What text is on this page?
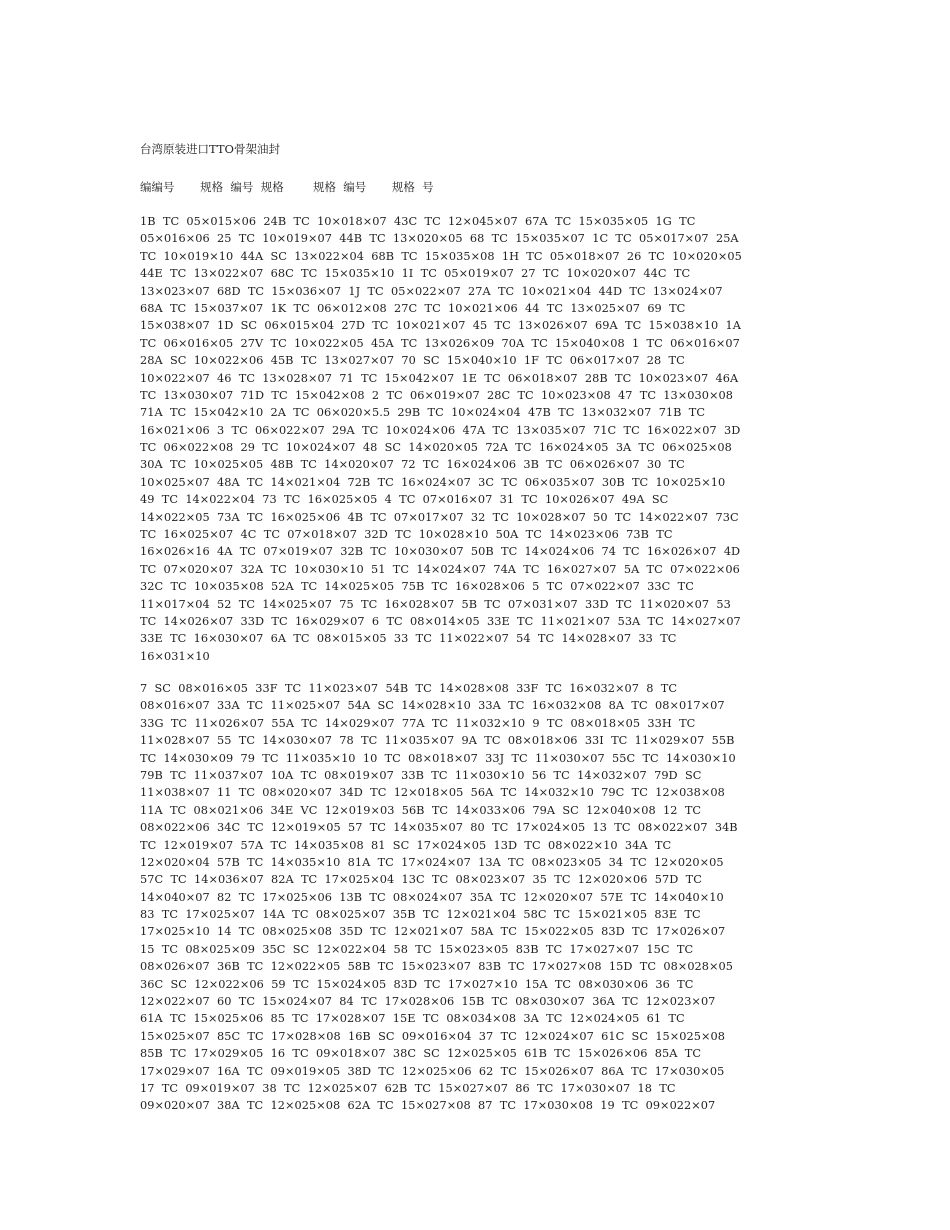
台湾原装进口TTO骨架油封
编编号       规格  编号  规格        规格  编号       规格  号
1B  TC  05×015×06  24B  TC  10×018×07  43C  TC  12×045×07  67A  TC  15×035×05  1G  TC
05×016×06  25  TC  10×019×07  44B  TC  13×020×05  68  TC  15×035×07  1C  TC  05×017×07  25A
TC  10×019×10  44A  SC  13×022×04  68B  TC  15×035×08  1H  TC  05×018×07  26  TC  10×020×05
44E  TC  13×022×07  68C  TC  15×035×10  1I  TC  05×019×07  27  TC  10×020×07  44C  TC
13×023×07  68D  TC  15×036×07  1J  TC  05×022×07  27A  TC  10×021×04  44D  TC  13×024×07
68A  TC  15×037×07  1K  TC  06×012×08  27C  TC  10×021×06  44  TC  13×025×07  69  TC
15×038×07  1D  SC  06×015×04  27D  TC  10×021×07  45  TC  13×026×07  69A  TC  15×038×10  1A
TC  06×016×05  27V  TC  10×022×05  45A  TC  13×026×09  70A  TC  15×040×08  1  TC  06×016×07
28A  SC  10×022×06  45B  TC  13×027×07  70  SC  15×040×10  1F  TC  06×017×07  28  TC
10×022×07  46  TC  13×028×07  71  TC  15×042×07  1E  TC  06×018×07  28B  TC  10×023×07  46A
TC  13×030×07  71D  TC  15×042×08  2  TC  06×019×07  28C  TC  10×023×08  47  TC  13×030×08
71A  TC  15×042×10  2A  TC  06×020×5.5  29B  TC  10×024×04  47B  TC  13×032×07  71B  TC
16×021×06  3  TC  06×022×07  29A  TC  10×024×06  47A  TC  13×035×07  71C  TC  16×022×07  3D
TC  06×022×08  29  TC  10×024×07  48  SC  14×020×05  72A  TC  16×024×05  3A  TC  06×025×08
30A  TC  10×025×05  48B  TC  14×020×07  72  TC  16×024×06  3B  TC  06×026×07  30  TC
10×025×07  48A  TC  14×021×04  72B  TC  16×024×07  3C  TC  06×035×07  30B  TC  10×025×10
49  TC  14×022×04  73  TC  16×025×05  4  TC  07×016×07  31  TC  10×026×07  49A  SC
14×022×05  73A  TC  16×025×06  4B  TC  07×017×07  32  TC  10×028×07  50  TC  14×022×07  73C
TC  16×025×07  4C  TC  07×018×07  32D  TC  10×028×10  50A  TC  14×023×06  73B  TC
16×026×16  4A  TC  07×019×07  32B  TC  10×030×07  50B  TC  14×024×06  74  TC  16×026×07  4D
TC  07×020×07  32A  TC  10×030×10  51  TC  14×024×07  74A  TC  16×027×07  5A  TC  07×022×06
32C  TC  10×035×08  52A  TC  14×025×05  75B  TC  16×028×06  5  TC  07×022×07  33C  TC
11×017×04  52  TC  14×025×07  75  TC  16×028×07  5B  TC  07×031×07  33D  TC  11×020×07  53
TC  14×026×07  33D  TC  16×029×07  6  TC  08×014×05  33E  TC  11×021×07  53A  TC  14×027×07
33E  TC  16×030×07  6A  TC  08×015×05  33  TC  11×022×07  54  TC  14×028×07  33  TC
16×031×10
7  SC  08×016×05  33F  TC  11×023×07  54B  TC  14×028×08  33F  TC  16×032×07  8  TC
08×016×07  33A  TC  11×025×07  54A  SC  14×028×10  33A  TC  16×032×08  8A  TC  08×017×07
33G  TC  11×026×07  55A  TC  14×029×07  77A  TC  11×032×10  9  TC  08×018×05  33H  TC
11×028×07  55  TC  14×030×07  78  TC  11×035×07  9A  TC  08×018×06  33I  TC  11×029×07  55B
TC  14×030×09  79  TC  11×035×10  10  TC  08×018×07  33J  TC  11×030×07  55C  TC  14×030×10
79B  TC  11×037×07  10A  TC  08×019×07  33B  TC  11×030×10  56  TC  14×032×07  79D  SC
11×038×07  11  TC  08×020×07  34D  TC  12×018×05  56A  TC  14×032×10  79C  TC  12×038×08
11A  TC  08×021×06  34E  VC  12×019×03  56B  TC  14×033×06  79A  SC  12×040×08  12  TC
08×022×06  34C  TC  12×019×05  57  TC  14×035×07  80  TC  17×024×05  13  TC  08×022×07  34B
TC  12×019×07  57A  TC  14×035×08  81  SC  17×024×05  13D  TC  08×022×10  34A  TC
12×020×04  57B  TC  14×035×10  81A  TC  17×024×07  13A  TC  08×023×05  34  TC  12×020×05
57C  TC  14×036×07  82A  TC  17×025×04  13C  TC  08×023×07  35  TC  12×020×06  57D  TC
14×040×07  82  TC  17×025×06  13B  TC  08×024×07  35A  TC  12×020×07  57E  TC  14×040×10
83  TC  17×025×07  14A  TC  08×025×07  35B  TC  12×021×04  58C  TC  15×021×05  83E  TC
17×025×10  14  TC  08×025×08  35D  TC  12×021×07  58A  TC  15×022×05  83D  TC  17×026×07
15  TC  08×025×09  35C  SC  12×022×04  58  TC  15×023×05  83B  TC  17×027×07  15C  TC
08×026×07  36B  TC  12×022×05  58B  TC  15×023×07  83B  TC  17×027×08  15D  TC  08×028×05
36C  SC  12×022×06  59  TC  15×024×05  83D  TC  17×027×10  15A  TC  08×030×06  36  TC
12×022×07  60  TC  15×024×07  84  TC  17×028×06  15B  TC  08×030×07  36A  TC  12×023×07
61A  TC  15×025×06  85  TC  17×028×07  15E  TC  08×034×08  3A  TC  12×024×05  61  TC
15×025×07  85C  TC  17×028×08  16B  SC  09×016×04  37  TC  12×024×07  61C  SC  15×025×08
85B  TC  17×029×05  16  TC  09×018×07  38C  SC  12×025×05  61B  TC  15×026×06  85A  TC
17×029×07  16A  TC  09×019×05  38D  TC  12×025×06  62  TC  15×026×07  86A  TC  17×030×05
17  TC  09×019×07  38  TC  12×025×07  62B  TC  15×027×07  86  TC  17×030×07  18  TC
09×020×07  38A  TC  12×025×08  62A  TC  15×027×08  87  TC  17×030×08  19  TC  09×022×07
